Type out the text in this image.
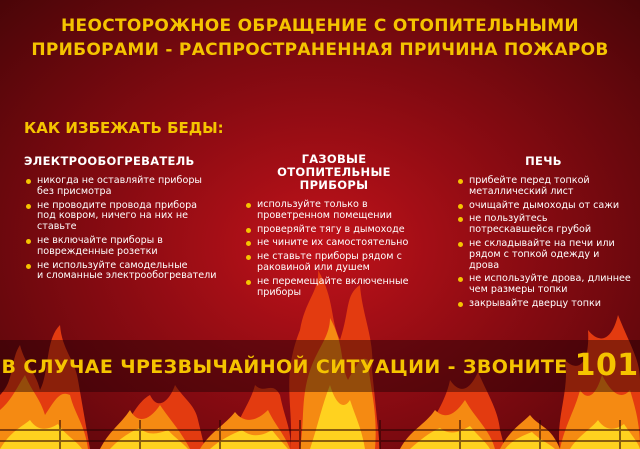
НЕОСТОРОЖНОЕ ОБРАЩЕНИЕ С ОТОПИТЕЛЬНЫМИ
ПРИБОРАМИ - РАСПРОСТРАНЕННАЯ ПРИЧИНА ПОЖАРОВ
КАК ИЗБЕЖАТЬ БЕДЫ:
ЭЛЕКТРООБОГРЕВАТЕЛЬ
никогда не оставляйте приборы
без присмотра
не проводите провода прибора
под ковром, ничего на них не ставьте
не включайте приборы в
поврежденные розетки
не используйте самодельные
и сломанные электрообогреватели
ГАЗОВЫЕ ОТОПИТЕЛЬНЫЕ
ПРИБОРЫ
используйте только в
проветренном помещении
проверяйте тягу в дымоходе
не чините их самостоятельно
не ставьте приборы рядом с
раковиной или душем
не перемещайте включенные
приборы
ПЕЧЬ
прибейте перед топкой
металлический лист
очищайте дымоходы от сажи
не пользуйтесь
потрескавшейся грубой
не складывайте на печи или
рядом с топкой одежду и дрова
не используйте дрова, длиннее
чем размеры топки
закрывайте дверцу топки
В СЛУЧАЕ ЧРЕЗВЫЧАЙНОЙ СИТУАЦИИ - ЗВОНИТЕ 101
